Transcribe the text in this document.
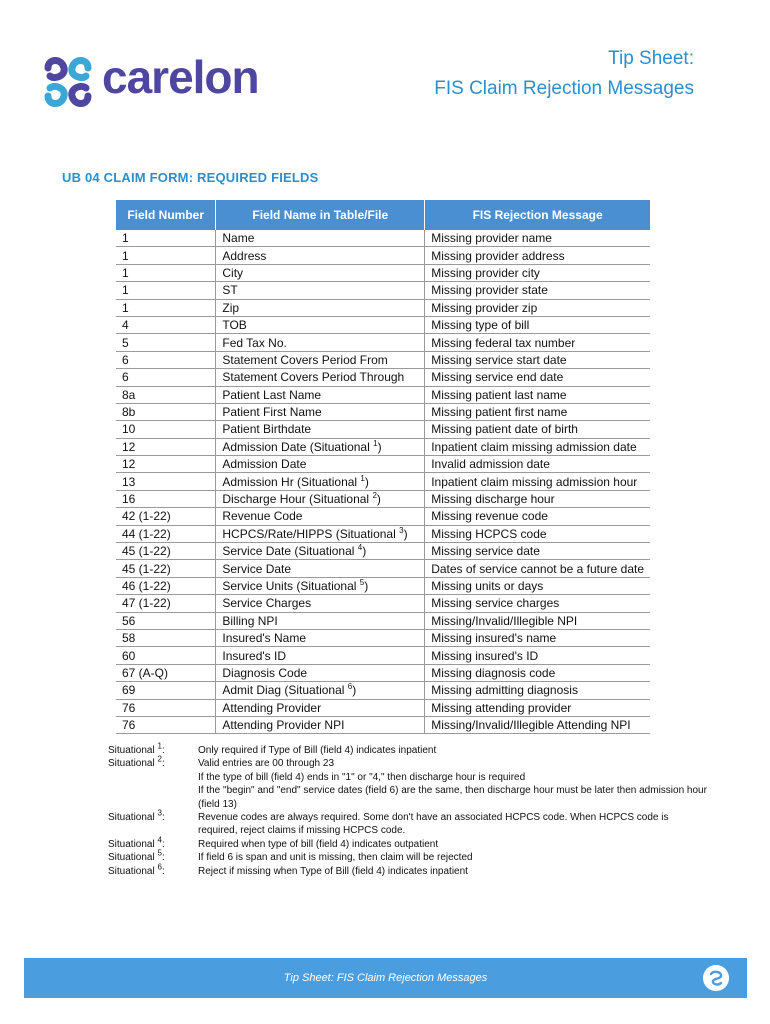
carelon	Tip Sheet:
FIS Claim Rejection Messages
UB 04 CLAIM FORM: REQUIRED FIELDS
Field Number	Field Name in Table/File	FIS Rejection Message
1	Name	Missing provider name
1	Address	Missing provider address
1	City	Missing provider city
1	ST	Missing provider state
1	Zip	Missing provider zip
4	TOB	Missing type of bill
5	Fed Tax No.	Missing federal tax number
6	Statement Covers Period From	Missing service start date
6	Statement Covers Period Through	Missing service end date
8a	Patient Last Name	Missing patient last name
8b	Patient First Name	Missing patient first name
10	Patient Birthdate	Missing patient date of birth
12	Admission Date (Situational $^1$)	Inpatient claim missing admission date
12	Admission Date	Invalid admission date
13	Admission Hr (Situational $^1$)	Inpatient claim missing admission hour
16	Discharge Hour (Situational $^2$)	Missing discharge hour
42 (1-22)	Revenue Code	Missing revenue code
44 (1-22)	HCPCS/Rate/HIPPS (Situational $^3$)	Missing HCPCS code
45 (1-22)	Service Date (Situational $^4$)	Missing service date
45 (1-22)	Service Date	Dates of service cannot be a future date
46 (1-22)	Service Units (Situational $^5$)	Missing units or days
47 (1-22)	Service Charges	Missing service charges
56	Billing NPI	Missing/Invalid/Illegible NPI
58	Insured's Name	Missing insured's name
60	Insured's ID	Missing insured's ID
67 (A-Q)	Diagnosis Code	Missing diagnosis code
69	Admit Diag (Situational $^6$)	Missing admitting diagnosis
76	Attending Provider	Missing attending provider
76	Attending Provider NPI	Missing/Invalid/Illegible Attending NPI
Situational $^1$:	Only required if Type of Bill (field 4) indicates inpatient
Situational $^2$:	Valid entries are 00 through 23
If the type of bill (field 4) ends in "1" or "4," then discharge hour is required
If the "begin" and "end" service dates (field 6) are the same, then discharge hour must be later then admission hour (field 13)
Situational $^3$:	Revenue codes are always required. Some don't have an associated HCPCS code. When HCPCS code is required, reject claims if missing HCPCS code.
Situational $^4$:	Required when type of bill (field 4) indicates outpatient
Situational $^5$:	If field 6 is span and unit is missing, then claim will be rejected
Situational $^6$:	Reject if missing when Type of Bill (field 4) indicates inpatient
Tip Sheet: FIS Claim Rejection Messages
